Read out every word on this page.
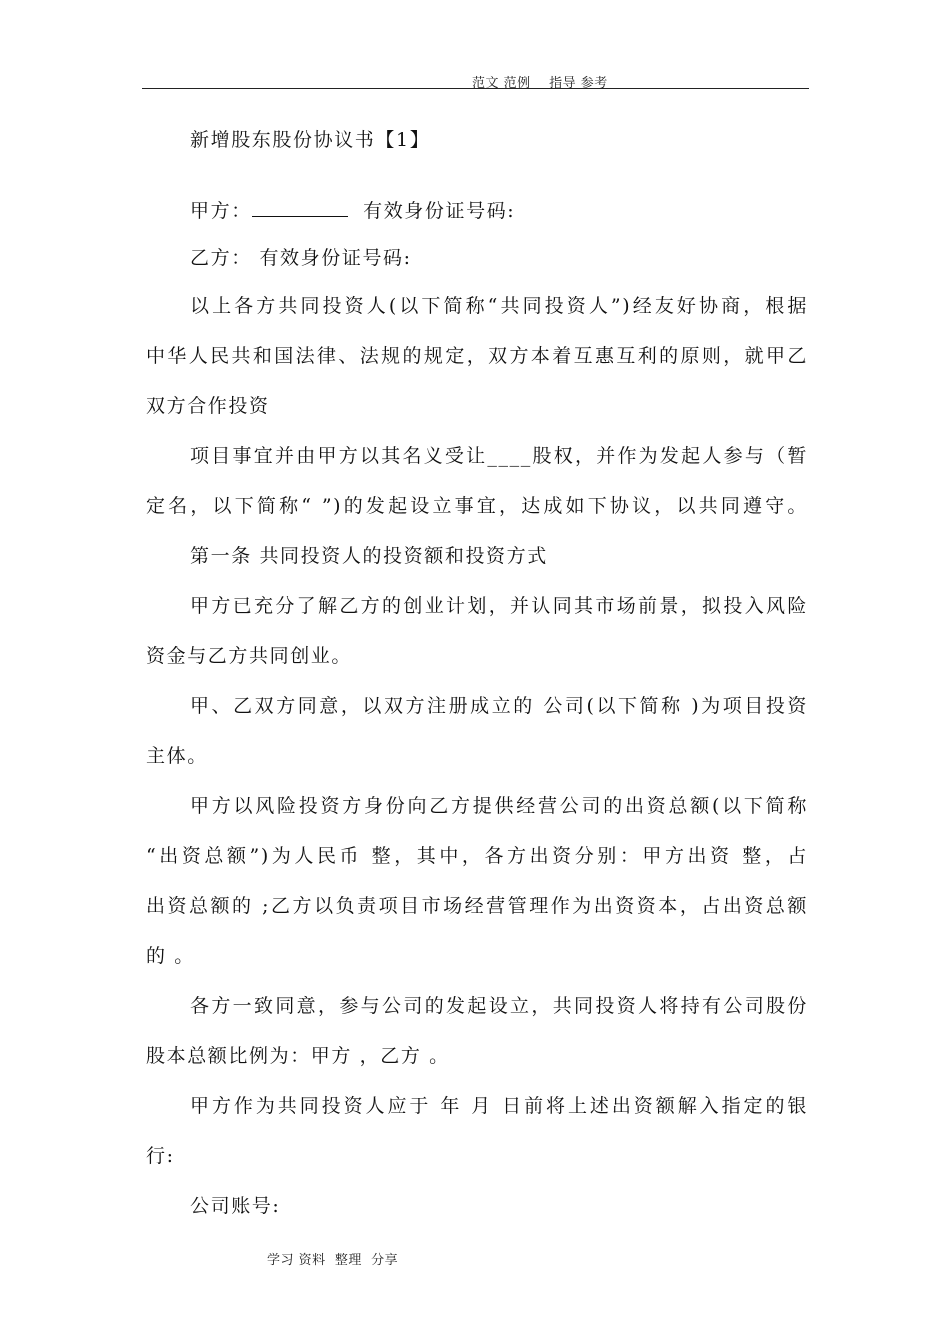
范文 范例    指导 参考
新增股东股份协议书【1】
甲方：	有效身份证号码:
乙方： 有效身份证号码:
以上各方共同投资人(以下简称“共同投资人”)经友好协商，根据
中华人民共和国法律、法规的规定，双方本着互惠互利的原则，就甲乙
双方合作投资
项目事宜并由甲方以其名义受让____股权，并作为发起人参与（暂
定名，以下简称“ ”)的发起设立事宜，达成如下协议，以共同遵守。
第一条 共同投资人的投资额和投资方式
甲方已充分了解乙方的创业计划，并认同其市场前景，拟投入风险
资金与乙方共同创业。
甲、乙双方同意，以双方注册成立的 公司(以下简称 )为项目投资
主体。
甲方以风险投资方身份向乙方提供经营公司的出资总额(以下简称
“出资总额”)为人民币 整，其中，各方出资分别：甲方出资 整，占
出资总额的 ;乙方以负责项目市场经营管理作为出资资本，占出资总额
的 。
各方一致同意，参与公司的发起设立，共同投资人将持有公司股份
股本总额比例为：甲方 ，乙方 。
甲方作为共同投资人应于 年 月 日前将上述出资额解入指定的银
行:
公司账号:
学习 资料  整理  分享
